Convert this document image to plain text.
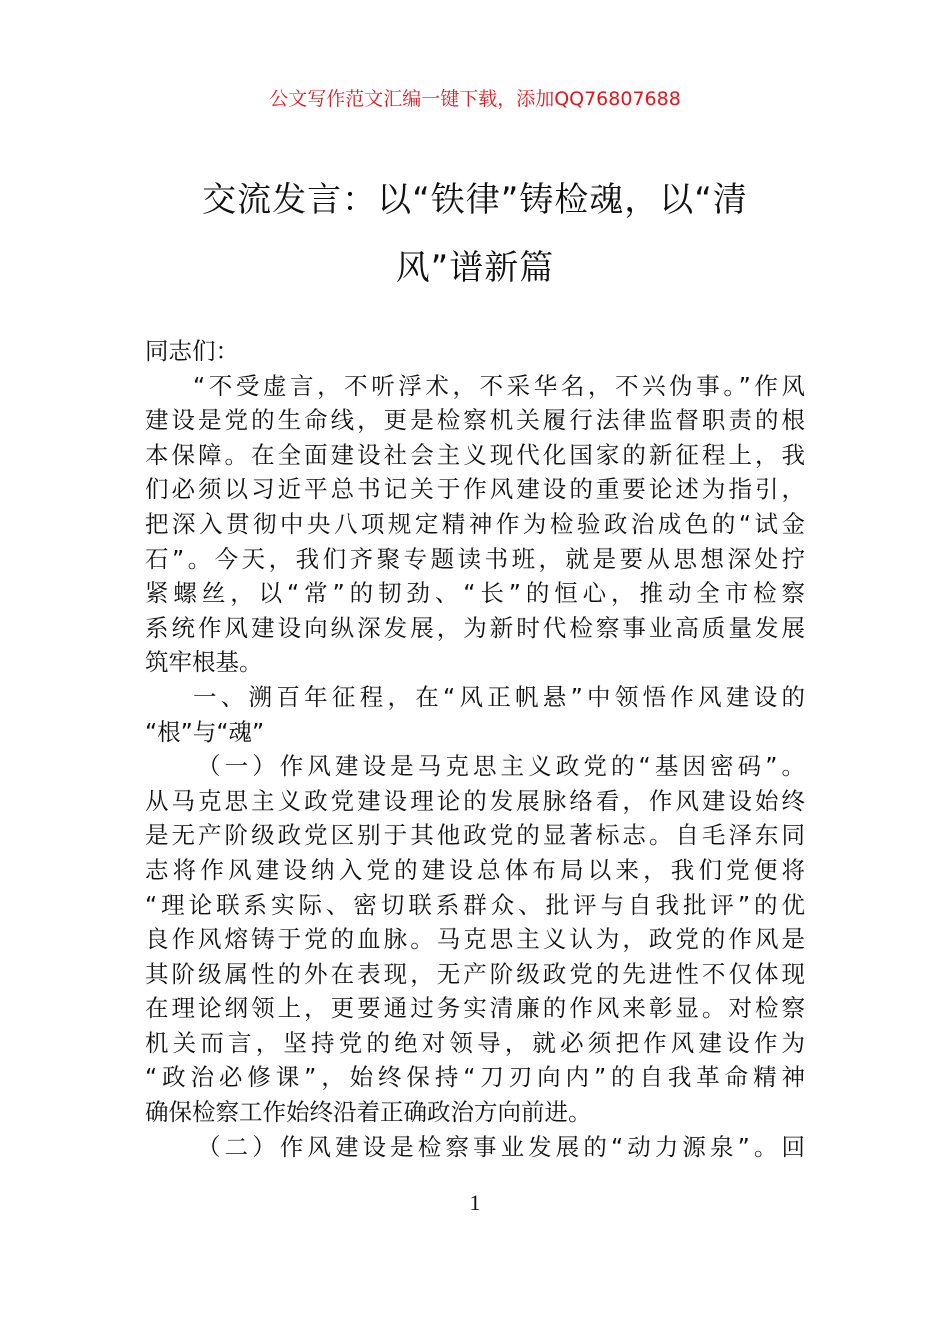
公文写作范文汇编一键下载，添加QQ76807688
交流发言：以“铁律”铸检魂，以“清
风”谱新篇
同志们：
“不受虚言，不听浮术，不采华名，不兴伪事。”作风
建设是党的生命线，更是检察机关履行法律监督职责的根
本保障。在全面建设社会主义现代化国家的新征程上，我
们必须以习近平总书记关于作风建设的重要论述为指引，
把深入贯彻中央八项规定精神作为检验政治成色的“试金
石”。今天，我们齐聚专题读书班，就是要从思想深处拧
紧螺丝，以“常”的韧劲、“长”的恒心，推动全市检察
系统作风建设向纵深发展，为新时代检察事业高质量发展
筑牢根基。
一、溯百年征程，在“风正帆悬”中领悟作风建设的
“根”与“魂”
（一）作风建设是马克思主义政党的“基因密码”。
从马克思主义政党建设理论的发展脉络看，作风建设始终
是无产阶级政党区别于其他政党的显著标志。自毛泽东同
志将作风建设纳入党的建设总体布局以来，我们党便将
“理论联系实际、密切联系群众、批评与自我批评”的优
良作风熔铸于党的血脉。马克思主义认为，政党的作风是
其阶级属性的外在表现，无产阶级政党的先进性不仅体现
在理论纲领上，更要通过务实清廉的作风来彰显。对检察
机关而言，坚持党的绝对领导，就必须把作风建设作为
“政治必修课”，始终保持“刀刃向内”的自我革命精神
确保检察工作始终沿着正确政治方向前进。
（二）作风建设是检察事业发展的“动力源泉”。回
1
